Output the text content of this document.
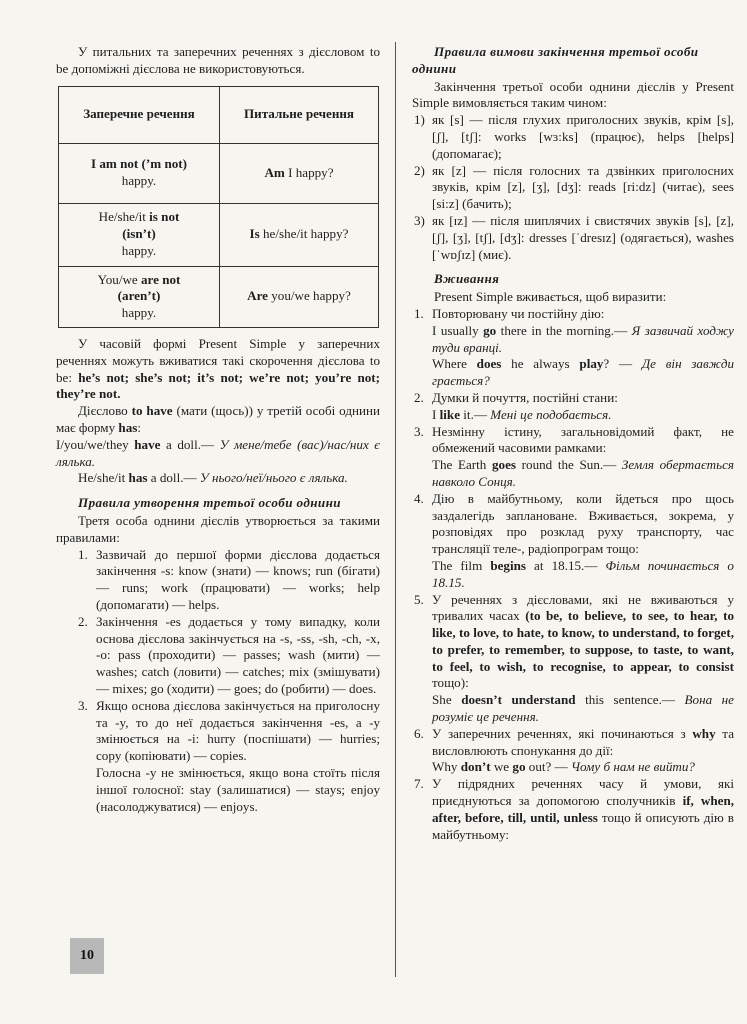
У питальних та заперечних реченнях з дієсловом to be допоміжні дієслова не використовуються.

Заперечне речення	Питальне речення
I am not (’m not)
happy.	Am I happy?
He/she/it is not
(isn’t)
happy.	Is he/she/it happy?
You/we are not
(aren’t)
happy.	Are you/we happy?

У часовій формі Present Simple у заперечних реченнях можуть вживатися такі скорочення дієслова to be: he’s not; she’s not; it’s not; we’re not; you’re not; they’re not.

Дієслово to have (мати (щось)) у третій особі однини має форму has:

I/you/we/they have a doll.— У мене/тебе (вас)/нас/них є лялька.

He/she/it has a doll.— У нього/неї/нього є лялька.

Правила утворення третьої особи однини

Третя особа однини дієслів утворюється за такими правилами:

1. Зазвичай до першої форми дієслова додається закінчення -s: know (знати) — knows; run (бігати) — runs; work (працювати) — works; help (допомагати) — helps.
2. Закінчення -es додається у тому випадку, коли основа дієслова закінчується на -s, -ss, -sh, -ch, -x, -o: pass (проходити) — passes; wash (мити) — washes; catch (ловити) — catches; mix (змішувати) — mixes; go (ходити) — goes; do (робити) — does.
3. Якщо основа дієслова закінчується на приголосну та -y, то до неї додається закінчення -es, а -y змінюється на -i: hurry (поспішати) — hurries; copy (копіювати) — copies.

Голосна -y не змінюється, якщо вона стоїть після іншої голосної: stay (залишатися) — stays; enjoy (насолоджуватися) — enjoys.

Правила вимови закінчення третьої особи однини

Закінчення третьої особи однини дієслів у Present Simple вимовляється таким чином:

1) як [s] — після глухих приголосних звуків, крім [s], [ʃ], [tʃ]: works [wɜ:ks] (працює), helps [helps] (допомагає);
2) як [z] — після голосних та дзвінких приголосних звуків, крім [z], [ʒ], [dʒ]: reads [ri:dz] (читає), sees [si:z] (бачить);
3) як [ɪz] — після шиплячих і свистячих звуків [s], [z], [ʃ], [ʒ], [tʃ], [dʒ]: dresses [ˈdresɪz] (одягається), washes [ˈwɒʃɪz] (миє).

Вживання

Present Simple вживається, щоб виразити:

1. Повторювану чи постійну дію:

I usually go there in the morning.— Я зазвичай ходжу туди вранці.

Where does he always play? — Де він завжди грається?

2. Думки й почуття, постійні стани:

I like it.— Мені це подобається.

3. Незмінну істину, загальновідомий факт, не обмежений часовими рамками:

The Earth goes round the Sun.— Земля обертається навколо Сонця.

4. Дію в майбутньому, коли йдеться про щось заздалегідь заплановане. Вживається, зокрема, у розповідях про розклад руху транспорту, час трансляції теле-, радіопрограм тощо:

The film begins at 18.15.— Фільм починається о 18.15.

5. У реченнях з дієсловами, які не вживаються у тривалих часах (to be, to believe, to see, to hear, to like, to love, to hate, to know, to understand, to forget, to prefer, to remember, to suppose, to taste, to want, to feel, to wish, to recognise, to appear, to consist тощо):

She doesn’t understand this sentence.— Вона не розуміє це речення.

6. У заперечних реченнях, які починаються з why та висловлюють спонукання до дії:

Why don’t we go out? — Чому б нам не вийти?

7. У підрядних реченнях часу й умови, які приєднуються за допомогою сполучників if, when, after, before, till, until, unless тощо й описують дію в майбутньому:
10
